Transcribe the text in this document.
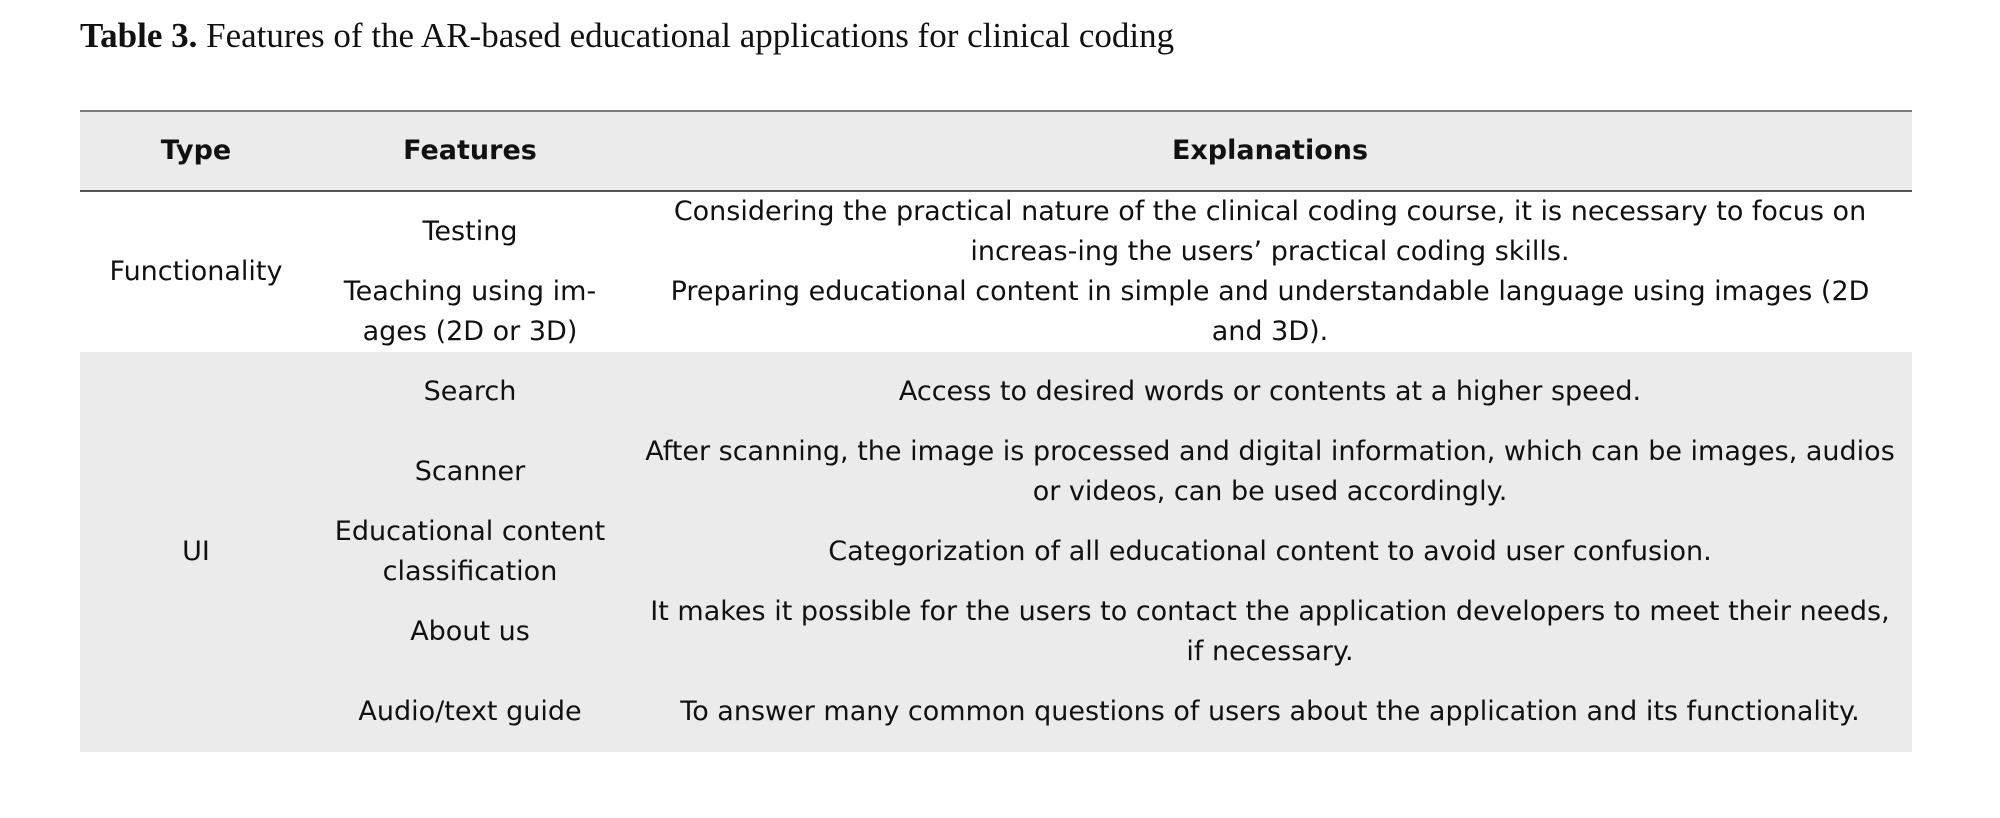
Table 3. Features of the AR-based educational applications for clinical coding
Type	Features	Explanations
Functionality	Testing	Considering the practical nature of the clinical coding course, it is necessary to focus on increas-ing the users’ practical coding skills.
	Teaching using im-ages (2D or 3D)	Preparing educational content in simple and understandable language using images (2D and 3D).
UI	Search	Access to desired words or contents at a higher speed.
	Scanner	After scanning, the image is processed and digital information, which can be images, audios or videos, can be used accordingly.
	Educational content classification	Categorization of all educational content to avoid user confusion.
	About us	It makes it possible for the users to contact the application developers to meet their needs, if necessary.
	Audio/text guide	To answer many common questions of users about the application and its functionality.
